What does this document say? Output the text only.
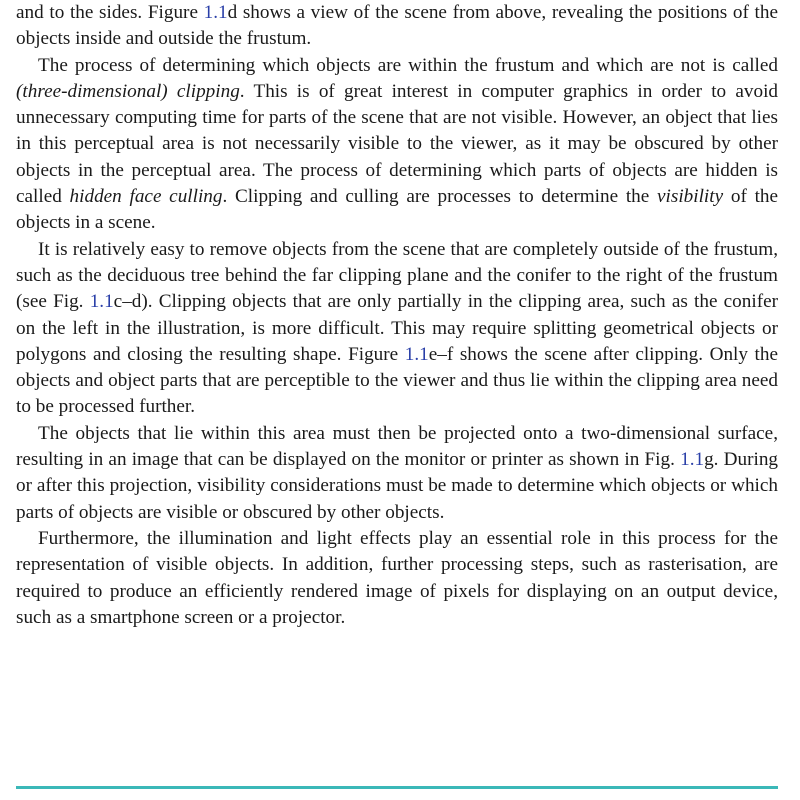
and to the sides. Figure 1.1d shows a view of the scene from above, revealing the positions of the objects inside and outside the frustum.

The process of determining which objects are within the frustum and which are not is called (three-dimensional) clipping. This is of great interest in computer graphics in order to avoid unnecessary computing time for parts of the scene that are not visible. However, an object that lies in this perceptual area is not necessarily visible to the viewer, as it may be obscured by other objects in the perceptual area. The process of determining which parts of objects are hidden is called hidden face culling. Clipping and culling are processes to determine the visibility of the objects in a scene.

It is relatively easy to remove objects from the scene that are completely outside of the frustum, such as the deciduous tree behind the far clipping plane and the conifer to the right of the frustum (see Fig. 1.1c–d). Clipping objects that are only partially in the clipping area, such as the conifer on the left in the illustration, is more difficult. This may require splitting geometrical objects or polygons and closing the resulting shape. Figure 1.1e–f shows the scene after clipping. Only the objects and object parts that are perceptible to the viewer and thus lie within the clipping area need to be processed further.

The objects that lie within this area must then be projected onto a two-dimensional surface, resulting in an image that can be displayed on the monitor or printer as shown in Fig. 1.1g. During or after this projection, visibility considerations must be made to determine which objects or which parts of objects are visible or obscured by other objects.

Furthermore, the illumination and light effects play an essential role in this process for the representation of visible objects. In addition, further processing steps, such as rasterisation, are required to produce an efficiently rendered image of pixels for displaying on an output device, such as a smartphone screen or a projector.
